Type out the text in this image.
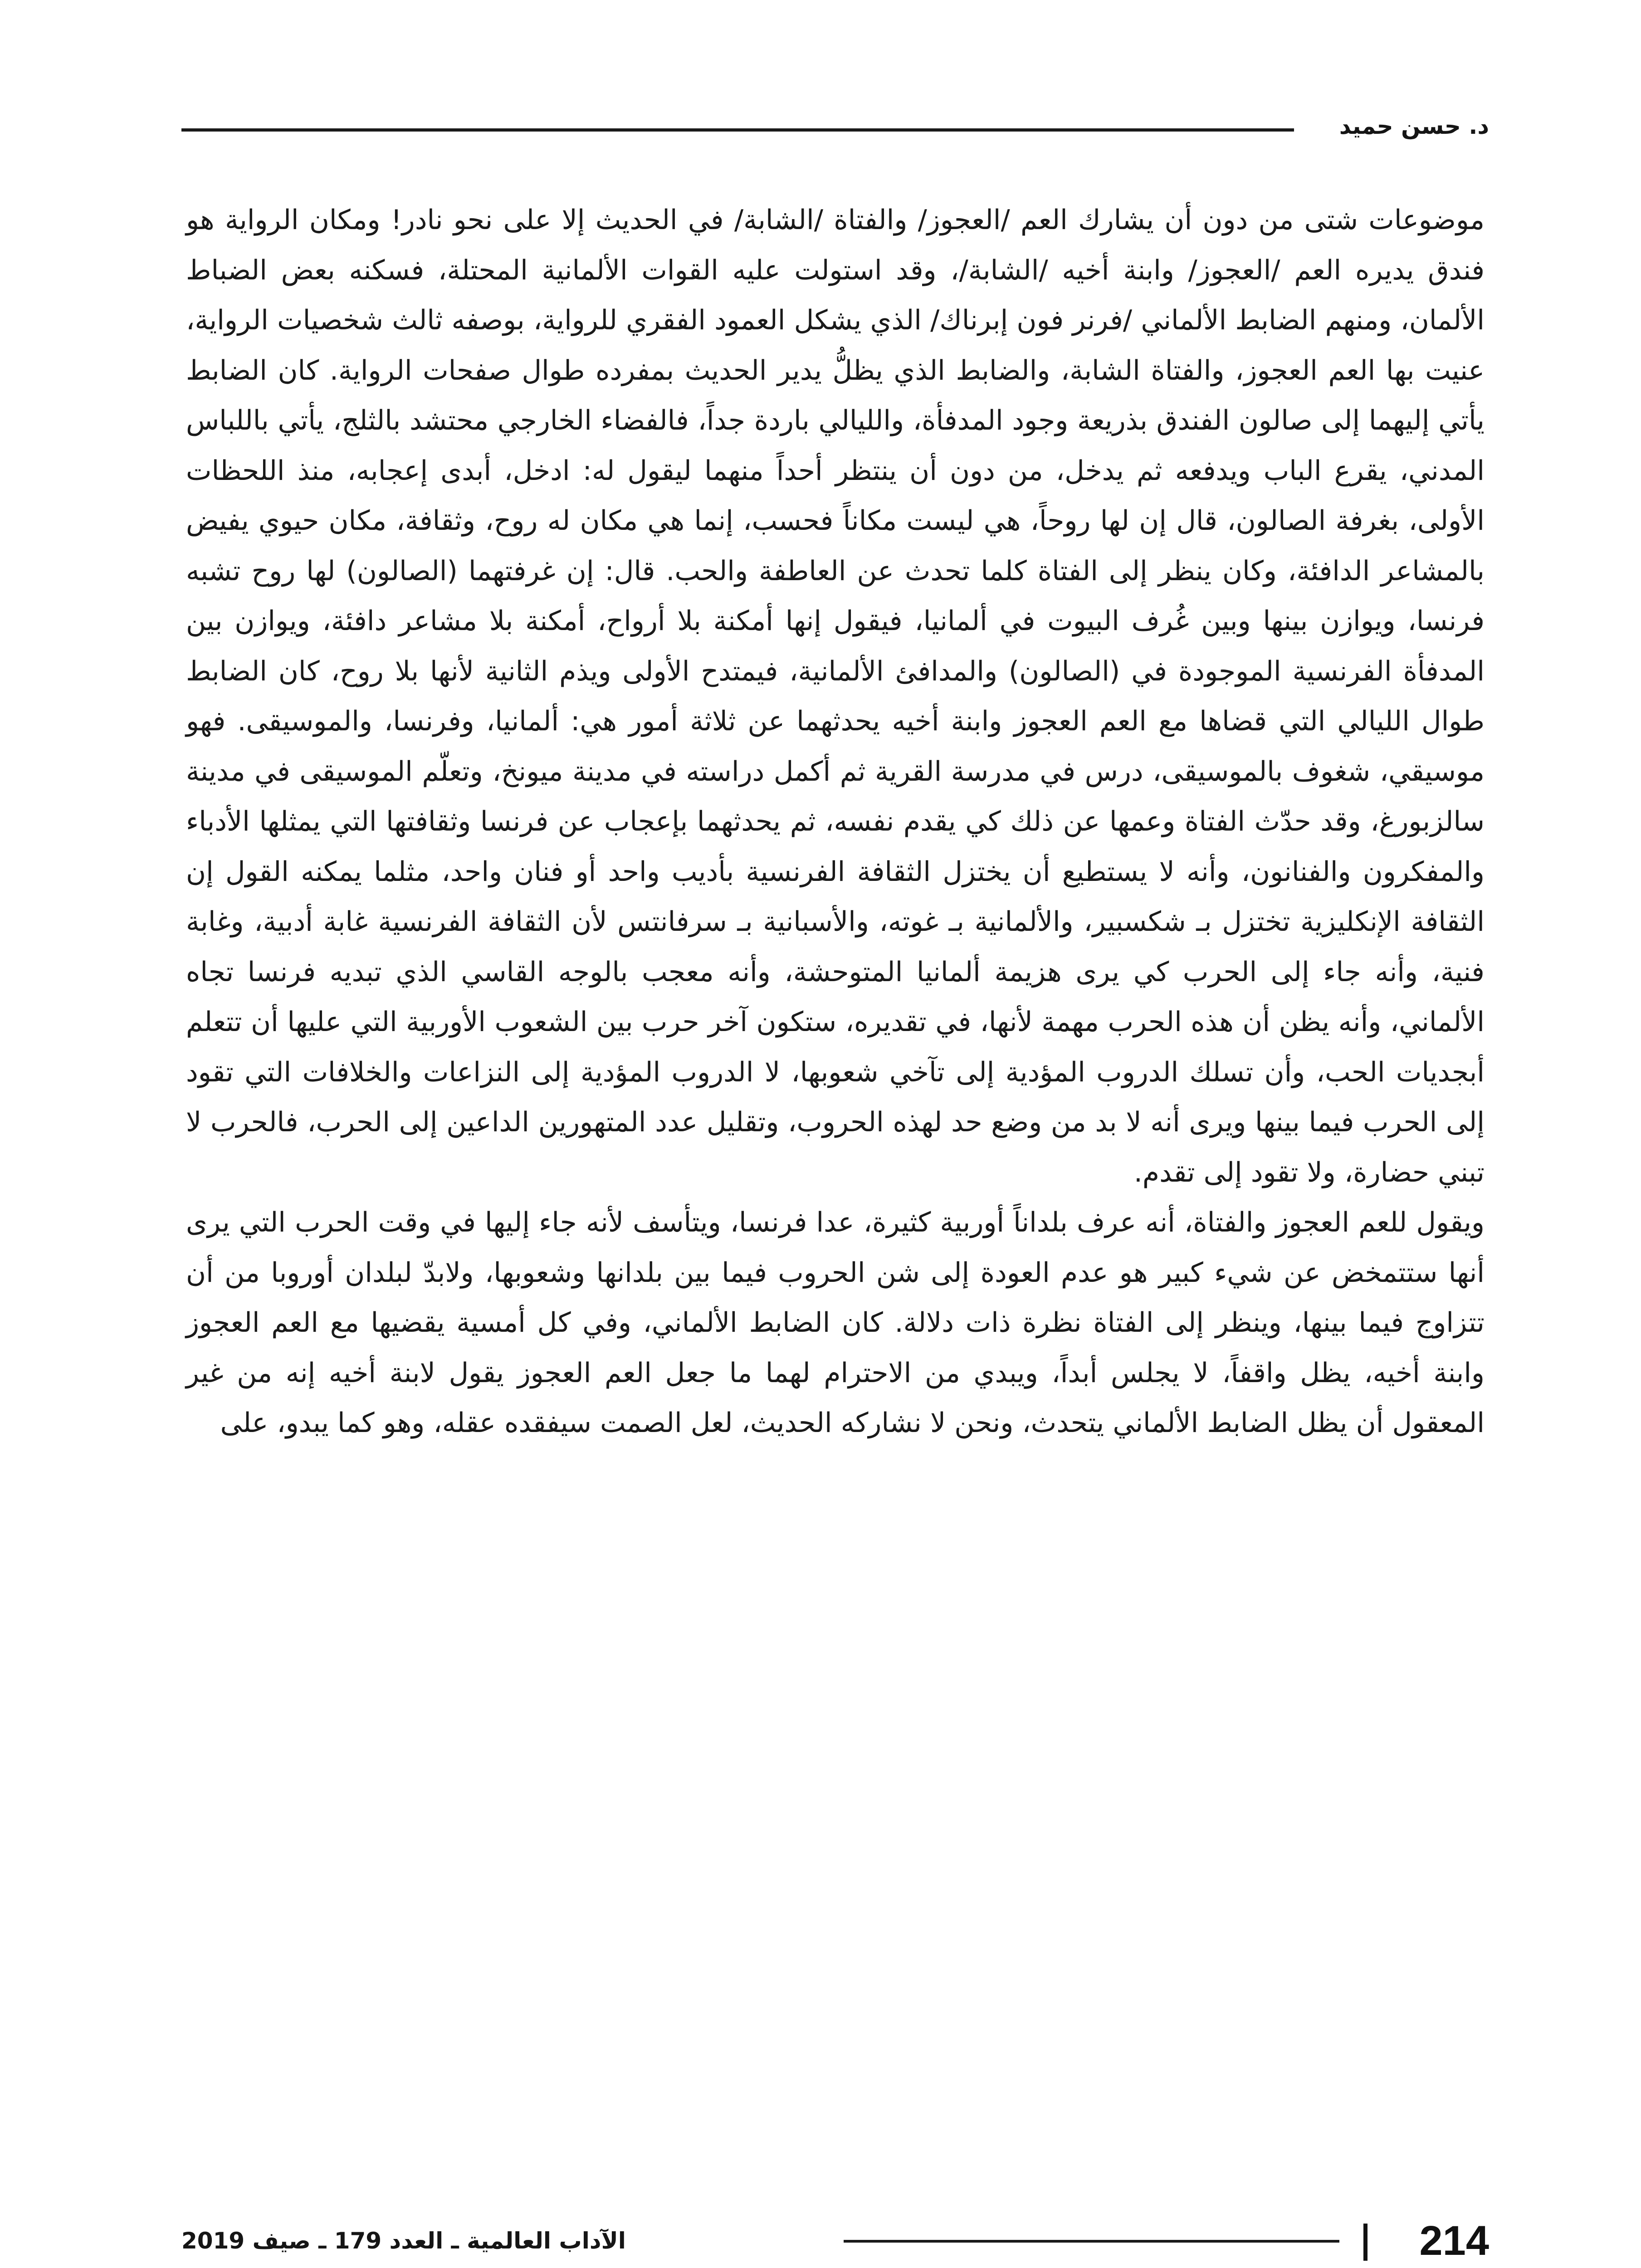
د. حسن حميد

موضوعات شتى من دون أن يشارك العم /العجوز/ والفتاة /الشابة/ في الحديث إلا على نحو نادر! ومكان الرواية هو فندق يديره العم /العجوز/ وابنة أخيه /الشابة/، وقد استولت عليه القوات الألمانية المحتلة، فسكنه بعض الضباط الألمان، ومنهم الضابط الألماني /فرنر فون إبرناك/ الذي يشكل العمود الفقري للرواية، بوصفه ثالث شخصيات الرواية، عنيت بها العم العجوز، والفتاة الشابة، والضابط الذي يظلُّ يدير الحديث بمفرده طوال صفحات الرواية. كان الضابط يأتي إليهما إلى صالون الفندق بذريعة وجود المدفأة، والليالي باردة جداً، فالفضاء الخارجي محتشد بالثلج، يأتي باللباس المدني، يقرع الباب ويدفعه ثم يدخل، من دون أن ينتظر أحداً منهما ليقول له: ادخل، أبدى إعجابه، منذ اللحظات الأولى، بغرفة الصالون، قال إن لها روحاً، هي ليست مكاناً فحسب، إنما هي مكان له روح، وثقافة، مكان حيوي يفيض بالمشاعر الدافئة، وكان ينظر إلى الفتاة كلما تحدث عن العاطفة والحب. قال: إن غرفتهما (الصالون) لها روح تشبه فرنسا، ويوازن بينها وبين غُرف البيوت في ألمانيا، فيقول إنها أمكنة بلا أرواح، أمكنة بلا مشاعر دافئة، ويوازن بين المدفأة الفرنسية الموجودة في (الصالون) والمدافئ الألمانية، فيمتدح الأولى ويذم الثانية لأنها بلا روح، كان الضابط طوال الليالي التي قضاها مع العم العجوز وابنة أخيه يحدثهما عن ثلاثة أمور هي: ألمانيا، وفرنسا، والموسيقى. فهو موسيقي، شغوف بالموسيقى، درس في مدرسة القرية ثم أكمل دراسته في مدينة ميونخ، وتعلّم الموسيقى في مدينة سالزبورغ، وقد حدّث الفتاة وعمها عن ذلك كي يقدم نفسه، ثم يحدثهما بإعجاب عن فرنسا وثقافتها التي يمثلها الأدباء والمفكرون والفنانون، وأنه لا يستطيع أن يختزل الثقافة الفرنسية بأديب واحد أو فنان واحد، مثلما يمكنه القول إن الثقافة الإنكليزية تختزل بـ شكسبير، والألمانية بـ غوته، والأسبانية بـ سرفانتس لأن الثقافة الفرنسية غابة أدبية، وغابة فنية، وأنه جاء إلى الحرب كي يرى هزيمة ألمانيا المتوحشة، وأنه معجب بالوجه القاسي الذي تبديه فرنسا تجاه الألماني، وأنه يظن أن هذه الحرب مهمة لأنها، في تقديره، ستكون آخر حرب بين الشعوب الأوربية التي عليها أن تتعلم أبجديات الحب، وأن تسلك الدروب المؤدية إلى تآخي شعوبها، لا الدروب المؤدية إلى النزاعات والخلافات التي تقود إلى الحرب فيما بينها ويرى أنه لا بد من وضع حد لهذه الحروب، وتقليل عدد المتهورين الداعين إلى الحرب، فالحرب لا تبني حضارة، ولا تقود إلى تقدم.

ويقول للعم العجوز والفتاة، أنه عرف بلداناً أوربية كثيرة، عدا فرنسا، ويتأسف لأنه جاء إليها في وقت الحرب التي يرى أنها ستتمخض عن شيء كبير هو عدم العودة إلى شن الحروب فيما بين بلدانها وشعوبها، ولابدّ لبلدان أوروبا من أن تتزاوج فيما بينها، وينظر إلى الفتاة نظرة ذات دلالة. كان الضابط الألماني، وفي كل أمسية يقضيها مع العم العجوز وابنة أخيه، يظل واقفاً، لا يجلس أبداً، ويبدي من الاحترام لهما ما جعل العم العجوز يقول لابنة أخيه إنه من غير المعقول أن يظل الضابط الألماني يتحدث، ونحن لا نشاركه الحديث، لعل الصمت سيفقده عقله، وهو كما يبدو، على

214
الآداب العالمية ـ العدد 179 ـ صيف 2019
